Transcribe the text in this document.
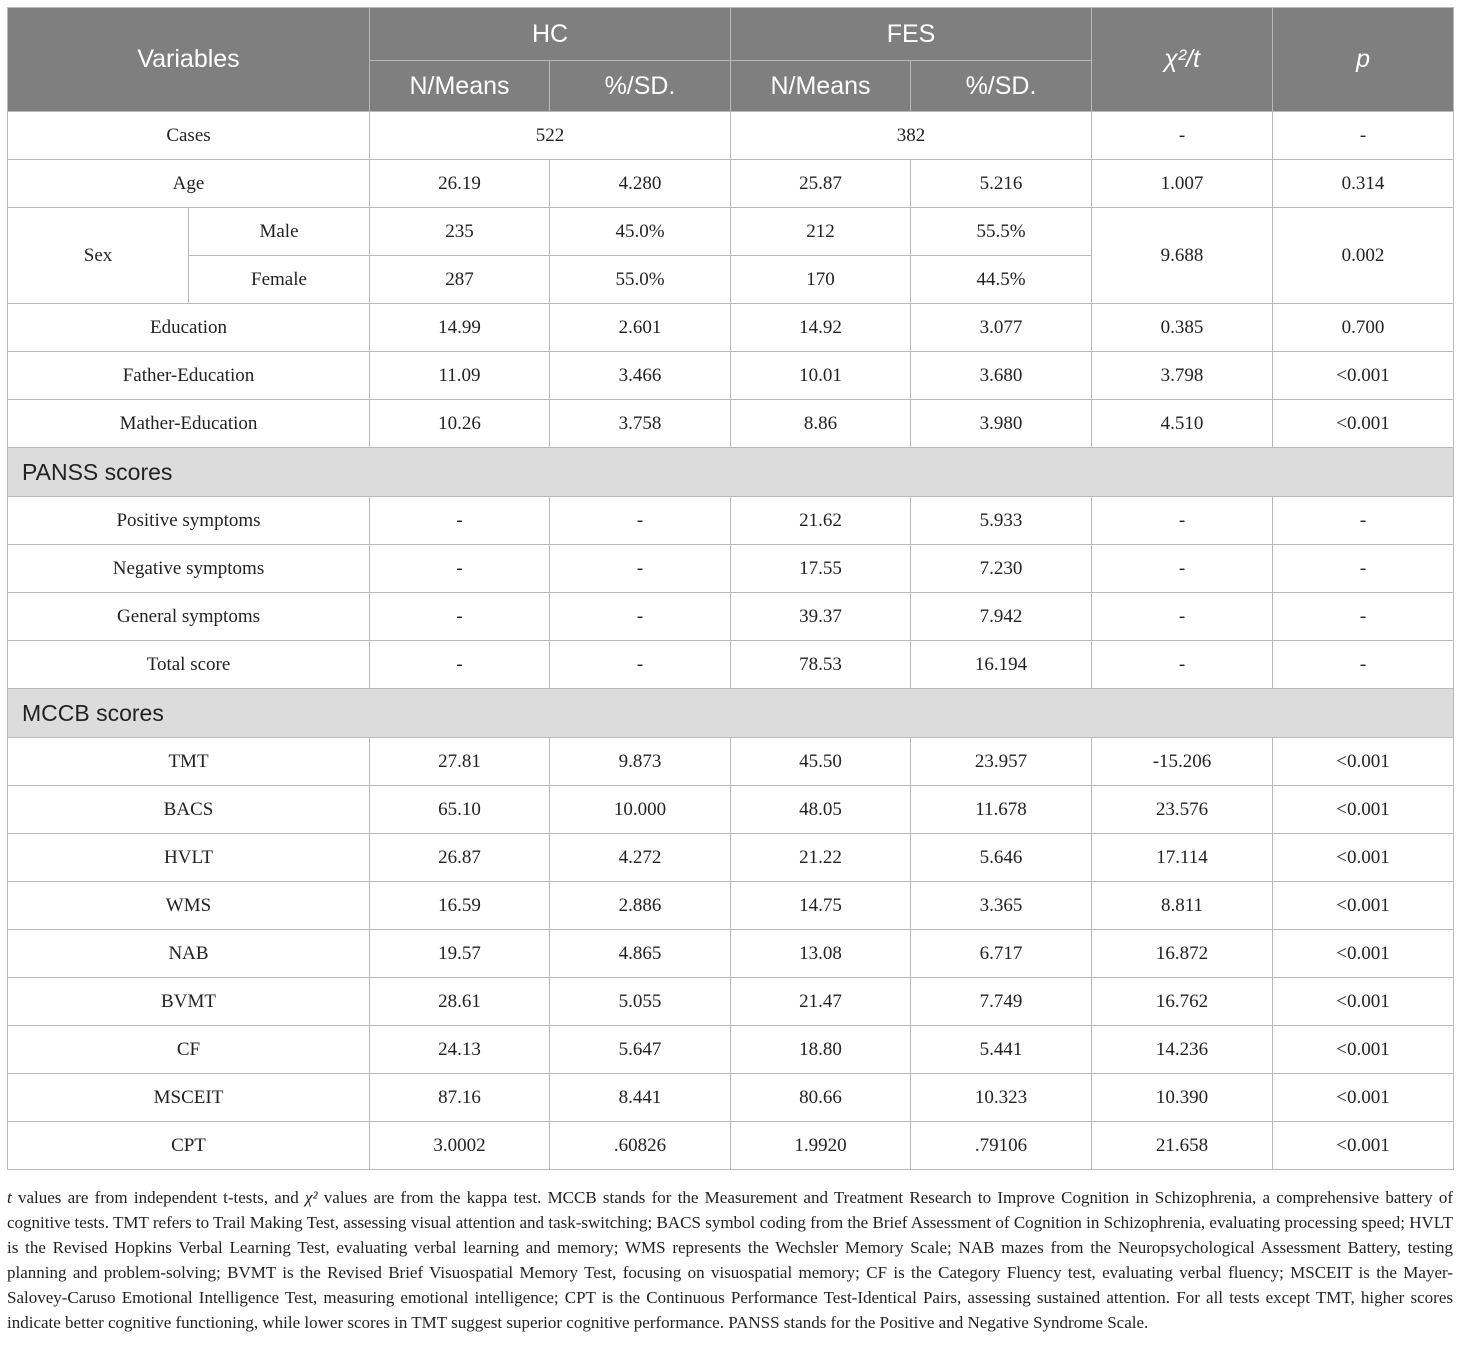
Variables		HC		FES		χ²/t	p
		N/Means	%/SD.	N/Means	%/SD.		
Cases		522		382		-	-
Age		26.19	4.280	25.87	5.216	1.007	0.314
Sex	Male	235	45.0%	212	55.5%	9.688	0.002
	Female	287	55.0%	170	44.5%		
Education		14.99	2.601	14.92	3.077	0.385	0.700
Father-Education		11.09	3.466	10.01	3.680	3.798	<0.001
Mather-Education		10.26	3.758	8.86	3.980	4.510	<0.001
PANSS scores							
Positive symptoms		-	-	21.62	5.933	-	-
Negative symptoms		-	-	17.55	7.230	-	-
General symptoms		-	-	39.37	7.942	-	-
Total score		-	-	78.53	16.194	-	-
MCCB scores							
TMT		27.81	9.873	45.50	23.957	-15.206	<0.001
BACS		65.10	10.000	48.05	11.678	23.576	<0.001
HVLT		26.87	4.272	21.22	5.646	17.114	<0.001
WMS		16.59	2.886	14.75	3.365	8.811	<0.001
NAB		19.57	4.865	13.08	6.717	16.872	<0.001
BVMT		28.61	5.055	21.47	7.749	16.762	<0.001
CF		24.13	5.647	18.80	5.441	14.236	<0.001
MSCEIT		87.16	8.441	80.66	10.323	10.390	<0.001
CPT		3.0002	.60826	1.9920	.79106	21.658	<0.001

t values are from independent t-tests, and χ² values are from the kappa test. MCCB stands for the Measurement and Treatment Research to Improve Cognition in Schizophrenia, a comprehensive battery of cognitive tests. TMT refers to Trail Making Test, assessing visual attention and task-switching; BACS symbol coding from the Brief Assessment of Cognition in Schizophrenia, evaluating processing speed; HVLT is the Revised Hopkins Verbal Learning Test, evaluating verbal learning and memory; WMS represents the Wechsler Memory Scale; NAB mazes from the Neuropsychological Assessment Battery, testing planning and problem-solving; BVMT is the Revised Brief Visuospatial Memory Test, focusing on visuospatial memory; CF is the Category Fluency test, evaluating verbal fluency; MSCEIT is the Mayer-Salovey-Caruso Emotional Intelligence Test, measuring emotional intelligence; CPT is the Continuous Performance Test-Identical Pairs, assessing sustained attention. For all tests except TMT, higher scores indicate better cognitive functioning, while lower scores in TMT suggest superior cognitive performance. PANSS stands for the Positive and Negative Syndrome Scale.
